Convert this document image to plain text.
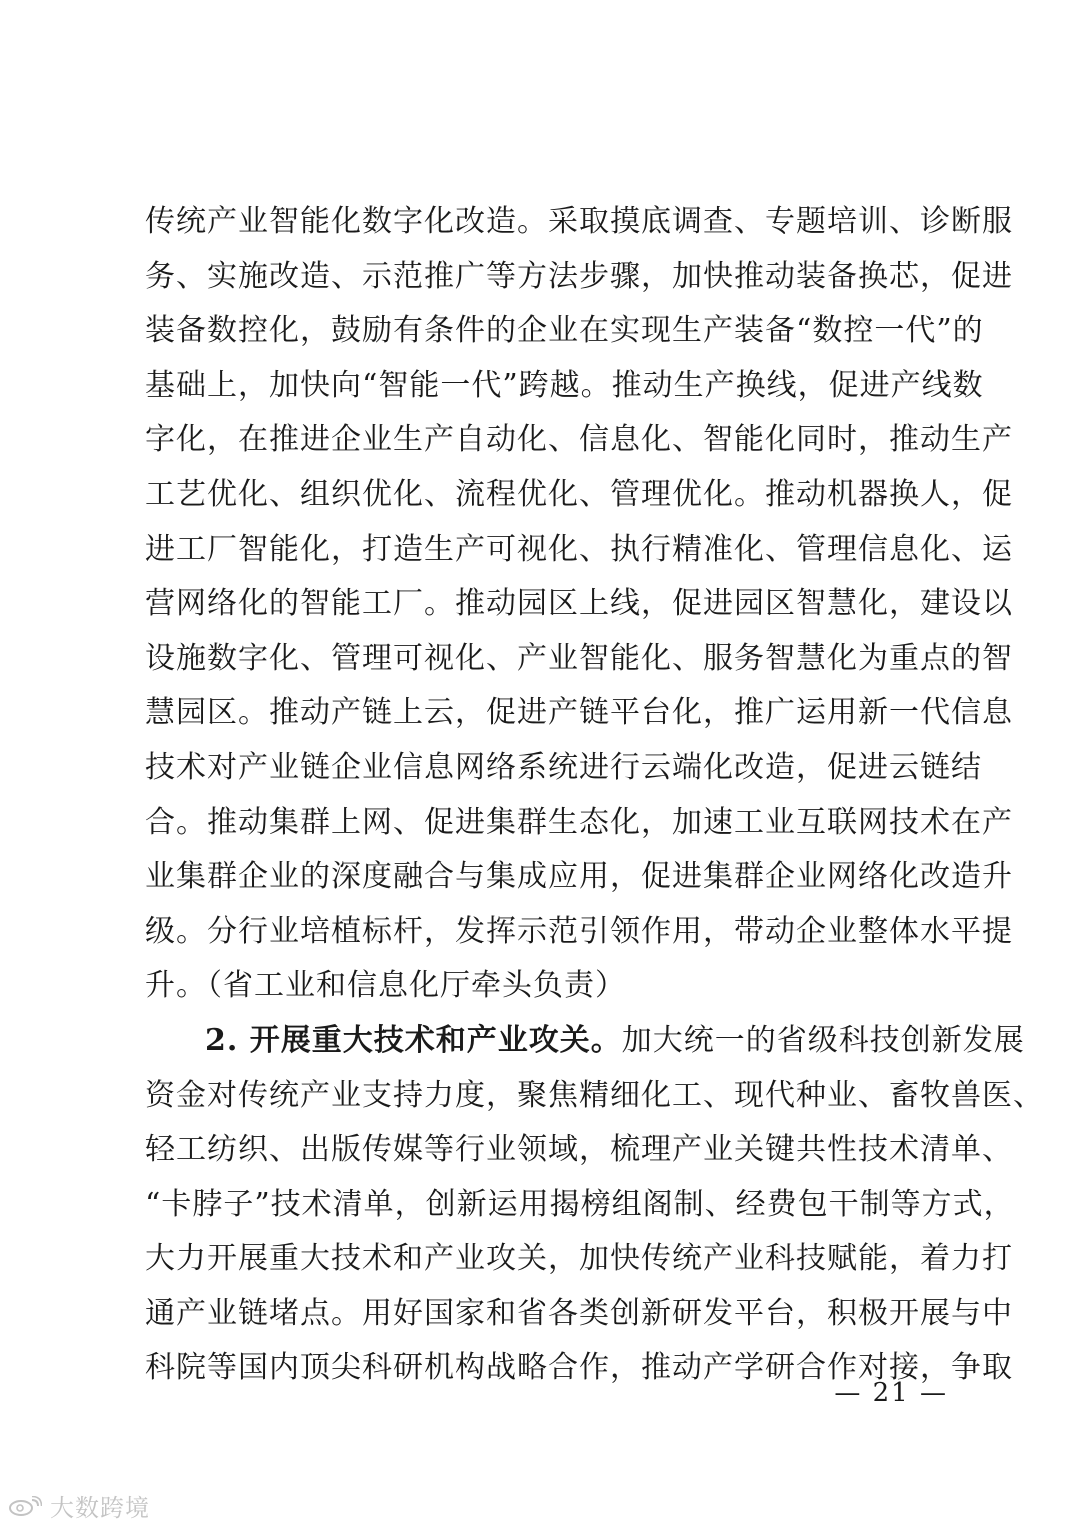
传统产业智能化数字化改造。采取摸底调查、专题培训、诊断服
务、实施改造、示范推广等方法步骤，加快推动装备换芯，促进
装备数控化，鼓励有条件的企业在实现生产装备“数控一代”的
基础上，加快向“智能一代”跨越。推动生产换线，促进产线数
字化，在推进企业生产自动化、信息化、智能化同时，推动生产
工艺优化、组织优化、流程优化、管理优化。推动机器换人，促
进工厂智能化，打造生产可视化、执行精准化、管理信息化、运
营网络化的智能工厂。推动园区上线，促进园区智慧化，建设以
设施数字化、管理可视化、产业智能化、服务智慧化为重点的智
慧园区。推动产链上云，促进产链平台化，推广运用新一代信息
技术对产业链企业信息网络系统进行云端化改造，促进云链结
合。推动集群上网、促进集群生态化，加速工业互联网技术在产
业集群企业的深度融合与集成应用，促进集群企业网络化改造升
级。分行业培植标杆，发挥示范引领作用，带动企业整体水平提
升。（省工业和信息化厅牵头负责）
2. 开展重大技术和产业攻关。加大统一的省级科技创新发展
资金对传统产业支持力度，聚焦精细化工、现代种业、畜牧兽医、
轻工纺织、出版传媒等行业领域，梳理产业关键共性技术清单、
“卡脖子”技术清单，创新运用揭榜组阁制、经费包干制等方式，
大力开展重大技术和产业攻关，加快传统产业科技赋能，着力打
通产业链堵点。用好国家和省各类创新研发平台，积极开展与中
科院等国内顶尖科研机构战略合作，推动产学研合作对接，争取
— 21 —
大数跨境
